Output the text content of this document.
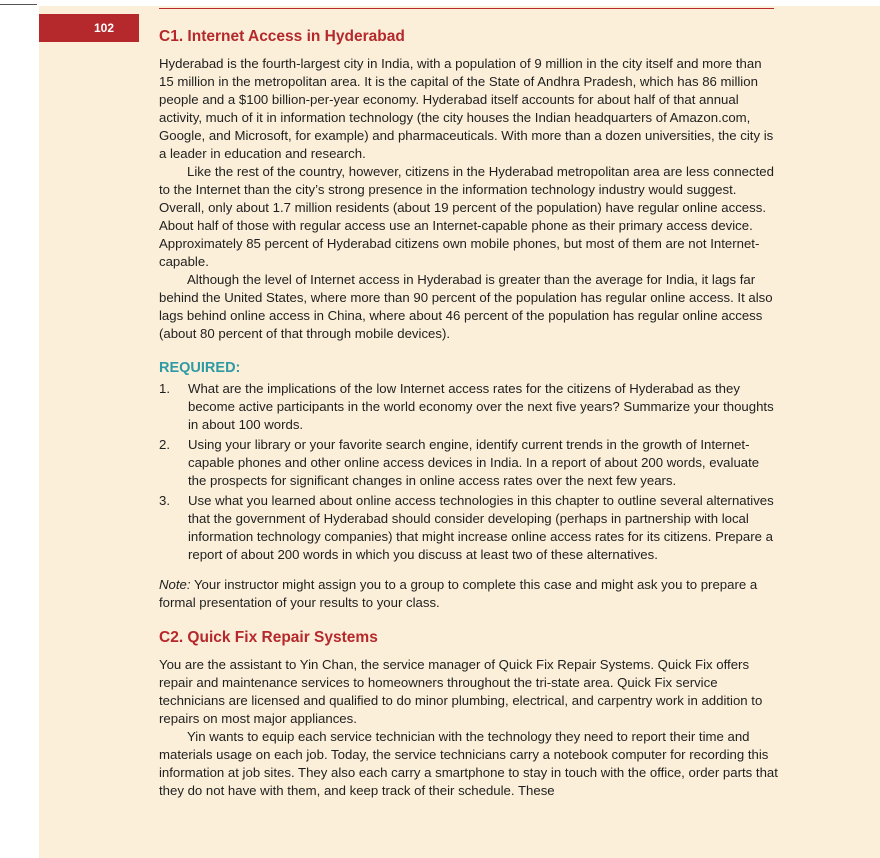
102	C1. Internet Access in Hyderabad

Hyderabad is the fourth-largest city in India, with a population of 9 million in the city itself and more than 15 million in the metropolitan area. It is the capital of the State of Andhra Pradesh, which has 86 million people and a $100 billion-per-year economy. Hyderabad itself accounts for about half of that annual activity, much of it in information technology (the city houses the Indian headquarters of Amazon.com, Google, and Microsoft, for example) and pharmaceuticals. With more than a dozen universities, the city is a leader in education and research.

Like the rest of the country, however, citizens in the Hyderabad metropolitan area are less connected to the Internet than the city’s strong presence in the information technology industry would suggest. Overall, only about 1.7 million residents (about 19 percent of the population) have regular online access. About half of those with regular access use an Internet-capable phone as their primary access device. Approximately 85 percent of Hyderabad citizens own mobile phones, but most of them are not Internet-capable.

Although the level of Internet access in Hyderabad is greater than the average for India, it lags far behind the United States, where more than 90 percent of the population has regular online access. It also lags behind online access in China, where about 46 percent of the population has regular online access (about 80 percent of that through mobile devices).

REQUIRED:
1. What are the implications of the low Internet access rates for the citizens of Hyderabad as they become active participants in the world economy over the next five years? Summarize your thoughts in about 100 words.
2. Using your library or your favorite search engine, identify current trends in the growth of Internet-capable phones and other online access devices in India. In a report of about 200 words, evaluate the prospects for significant changes in online access rates over the next few years.
3. Use what you learned about online access technologies in this chapter to outline several alternatives that the government of Hyderabad should consider developing (perhaps in partnership with local information technology companies) that might increase online access rates for its citizens. Prepare a report of about 200 words in which you discuss at least two of these alternatives.

Note: Your instructor might assign you to a group to complete this case and might ask you to prepare a formal presentation of your results to your class.

C2. Quick Fix Repair Systems

You are the assistant to Yin Chan, the service manager of Quick Fix Repair Systems. Quick Fix offers repair and maintenance services to homeowners throughout the tri-state area. Quick Fix service technicians are licensed and qualified to do minor plumbing, electrical, and carpentry work in addition to repairs on most major appliances.

Yin wants to equip each service technician with the technology they need to report their time and materials usage on each job. Today, the service technicians carry a notebook computer for recording this information at job sites. They also each carry a smartphone to stay in touch with the office, order parts that they do not have with them, and keep track of their schedule. These
